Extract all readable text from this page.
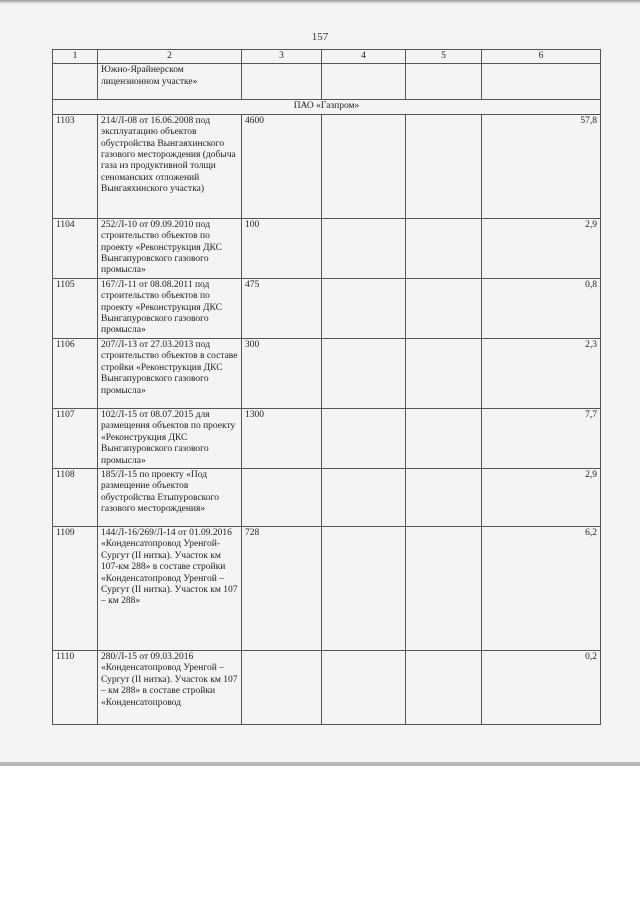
157
1	2	3	4	5	6
	Южно-Ярайнерском лицензионном участке»				
ПАО «Газпром»					
1103	214/Л-08 от 16.06.2008 под эксплуатацию объектов обустройства Вынгаяхинского газового месторождения (добыча газа из продуктивной толщи сеноманских отложений Вынгаяхинского участка)	4600			57,8
1104	252/Л-10 от 09.09.2010 под строительство объектов по проекту «Реконструкция ДКС Вынгапуровского газового промысла»	100			2,9
1105	167/Л-11 от 08.08.2011 под строительство объектов по проекту «Реконструкция ДКС Вынгапуровского газового промысла»	475			0,8
1106	207/Л-13 от 27.03.2013 под строительство объектов в составе стройки «Реконструкция ДКС Вынгапуровского газового промысла»	300			2,3
1107	102/Л-15 от 08.07.2015 для размещения объектов по проекту «Реконструкция ДКС Вынгапуровского газового промысла»	1300			7,7
1108	185/Л-15 по проекту «Под размещение объектов обустройства Етыпуровского газового месторождения»				2,9
1109	144/Л-16/269/Л-14 от 01.09.2016 «Конденсатопровод Уренгой-Сургут (II нитка). Участок км 107-км 288» в составе стройки «Конденсатопровод Уренгой – Сургут (II нитка). Участок км 107 – км 288»	728			6,2
1110	280/Л-15 от 09.03.2016 «Конденсатопровод Уренгой – Сургут (II нитка). Участок км 107 – км 288» в составе стройки «Конденсатопровод				0,2
